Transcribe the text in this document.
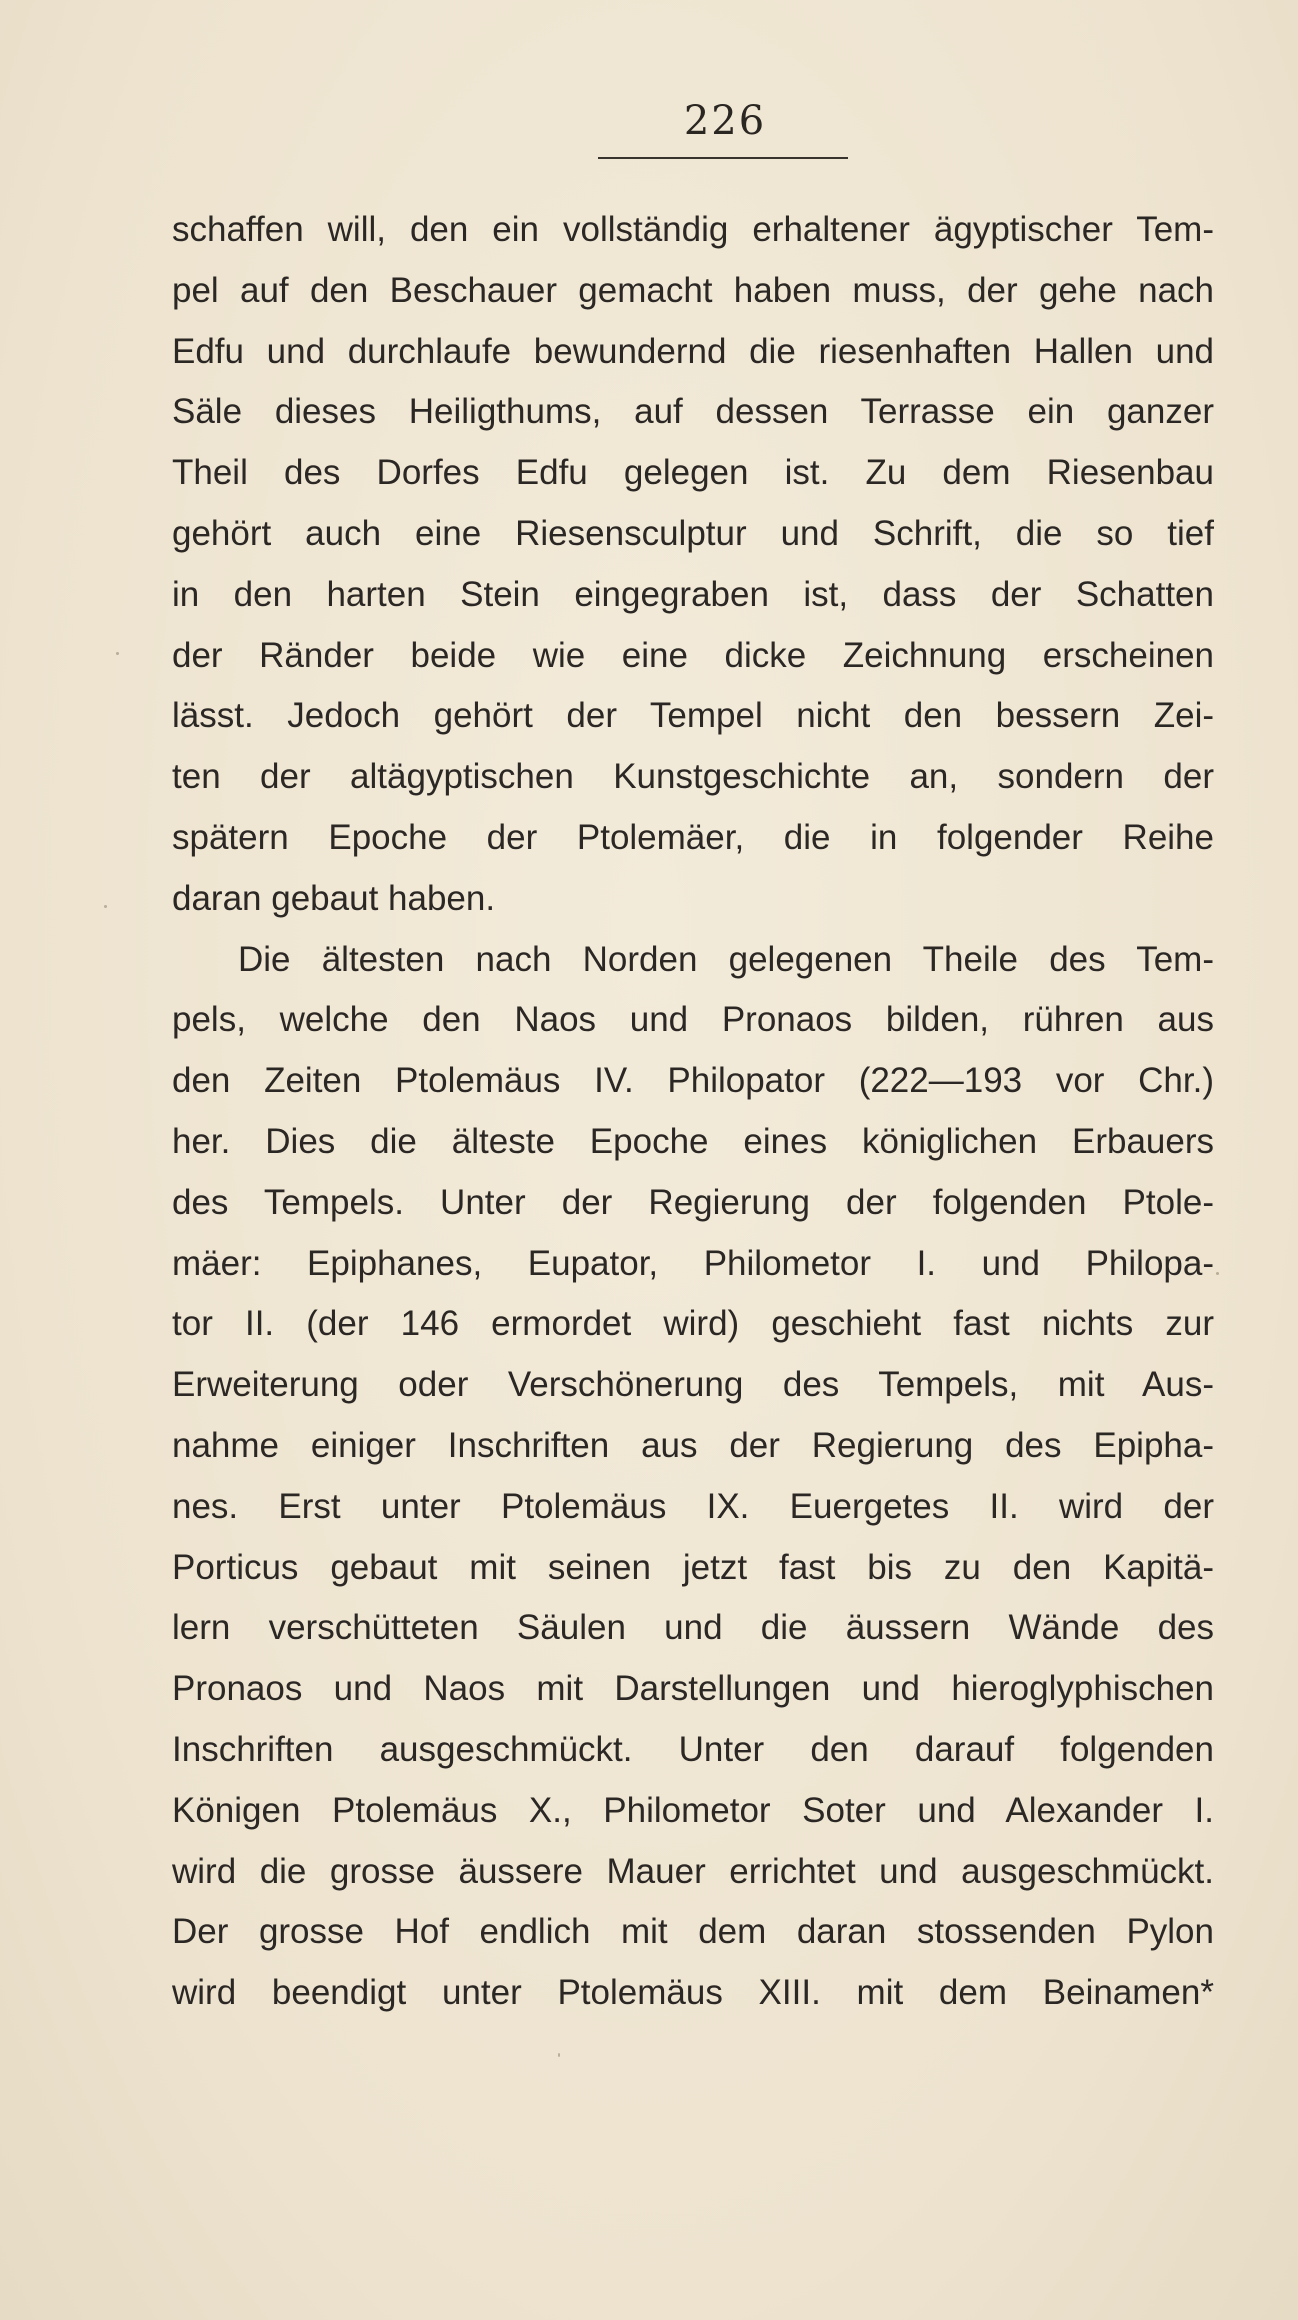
226
schaffen will, den ein vollständig erhaltener ägyptischer Tem-
pel auf den Beschauer gemacht haben muss, der gehe nach
Edfu und durchlaufe bewundernd die riesenhaften Hallen und
Säle dieses Heiligthums, auf dessen Terrasse ein ganzer
Theil des Dorfes Edfu gelegen ist. Zu dem Riesenbau
gehört auch eine Riesensculptur und Schrift, die so tief
in den harten Stein eingegraben ist, dass der Schatten
der Ränder beide wie eine dicke Zeichnung erscheinen
lässt. Jedoch gehört der Tempel nicht den bessern Zei-
ten der altägyptischen Kunstgeschichte an, sondern der
spätern Epoche der Ptolemäer, die in folgender Reihe
daran gebaut haben.
Die ältesten nach Norden gelegenen Theile des Tem-
pels, welche den Naos und Pronaos bilden, rühren aus
den Zeiten Ptolemäus IV. Philopator (222—193 vor Chr.)
her. Dies die älteste Epoche eines königlichen Erbauers
des Tempels. Unter der Regierung der folgenden Ptole-
mäer: Epiphanes, Eupator, Philometor I. und Philopa-
tor II. (der 146 ermordet wird) geschieht fast nichts zur
Erweiterung oder Verschönerung des Tempels, mit Aus-
nahme einiger Inschriften aus der Regierung des Epipha-
nes. Erst unter Ptolemäus IX. Euergetes II. wird der
Porticus gebaut mit seinen jetzt fast bis zu den Kapitä-
lern verschütteten Säulen und die äussern Wände des
Pronaos und Naos mit Darstellungen und hieroglyphischen
Inschriften ausgeschmückt. Unter den darauf folgenden
Königen Ptolemäus X., Philometor Soter und Alexander I.
wird die grosse äussere Mauer errichtet und ausgeschmückt.
Der grosse Hof endlich mit dem daran stossenden Pylon
wird beendigt unter Ptolemäus XIII. mit dem Beinamen*
